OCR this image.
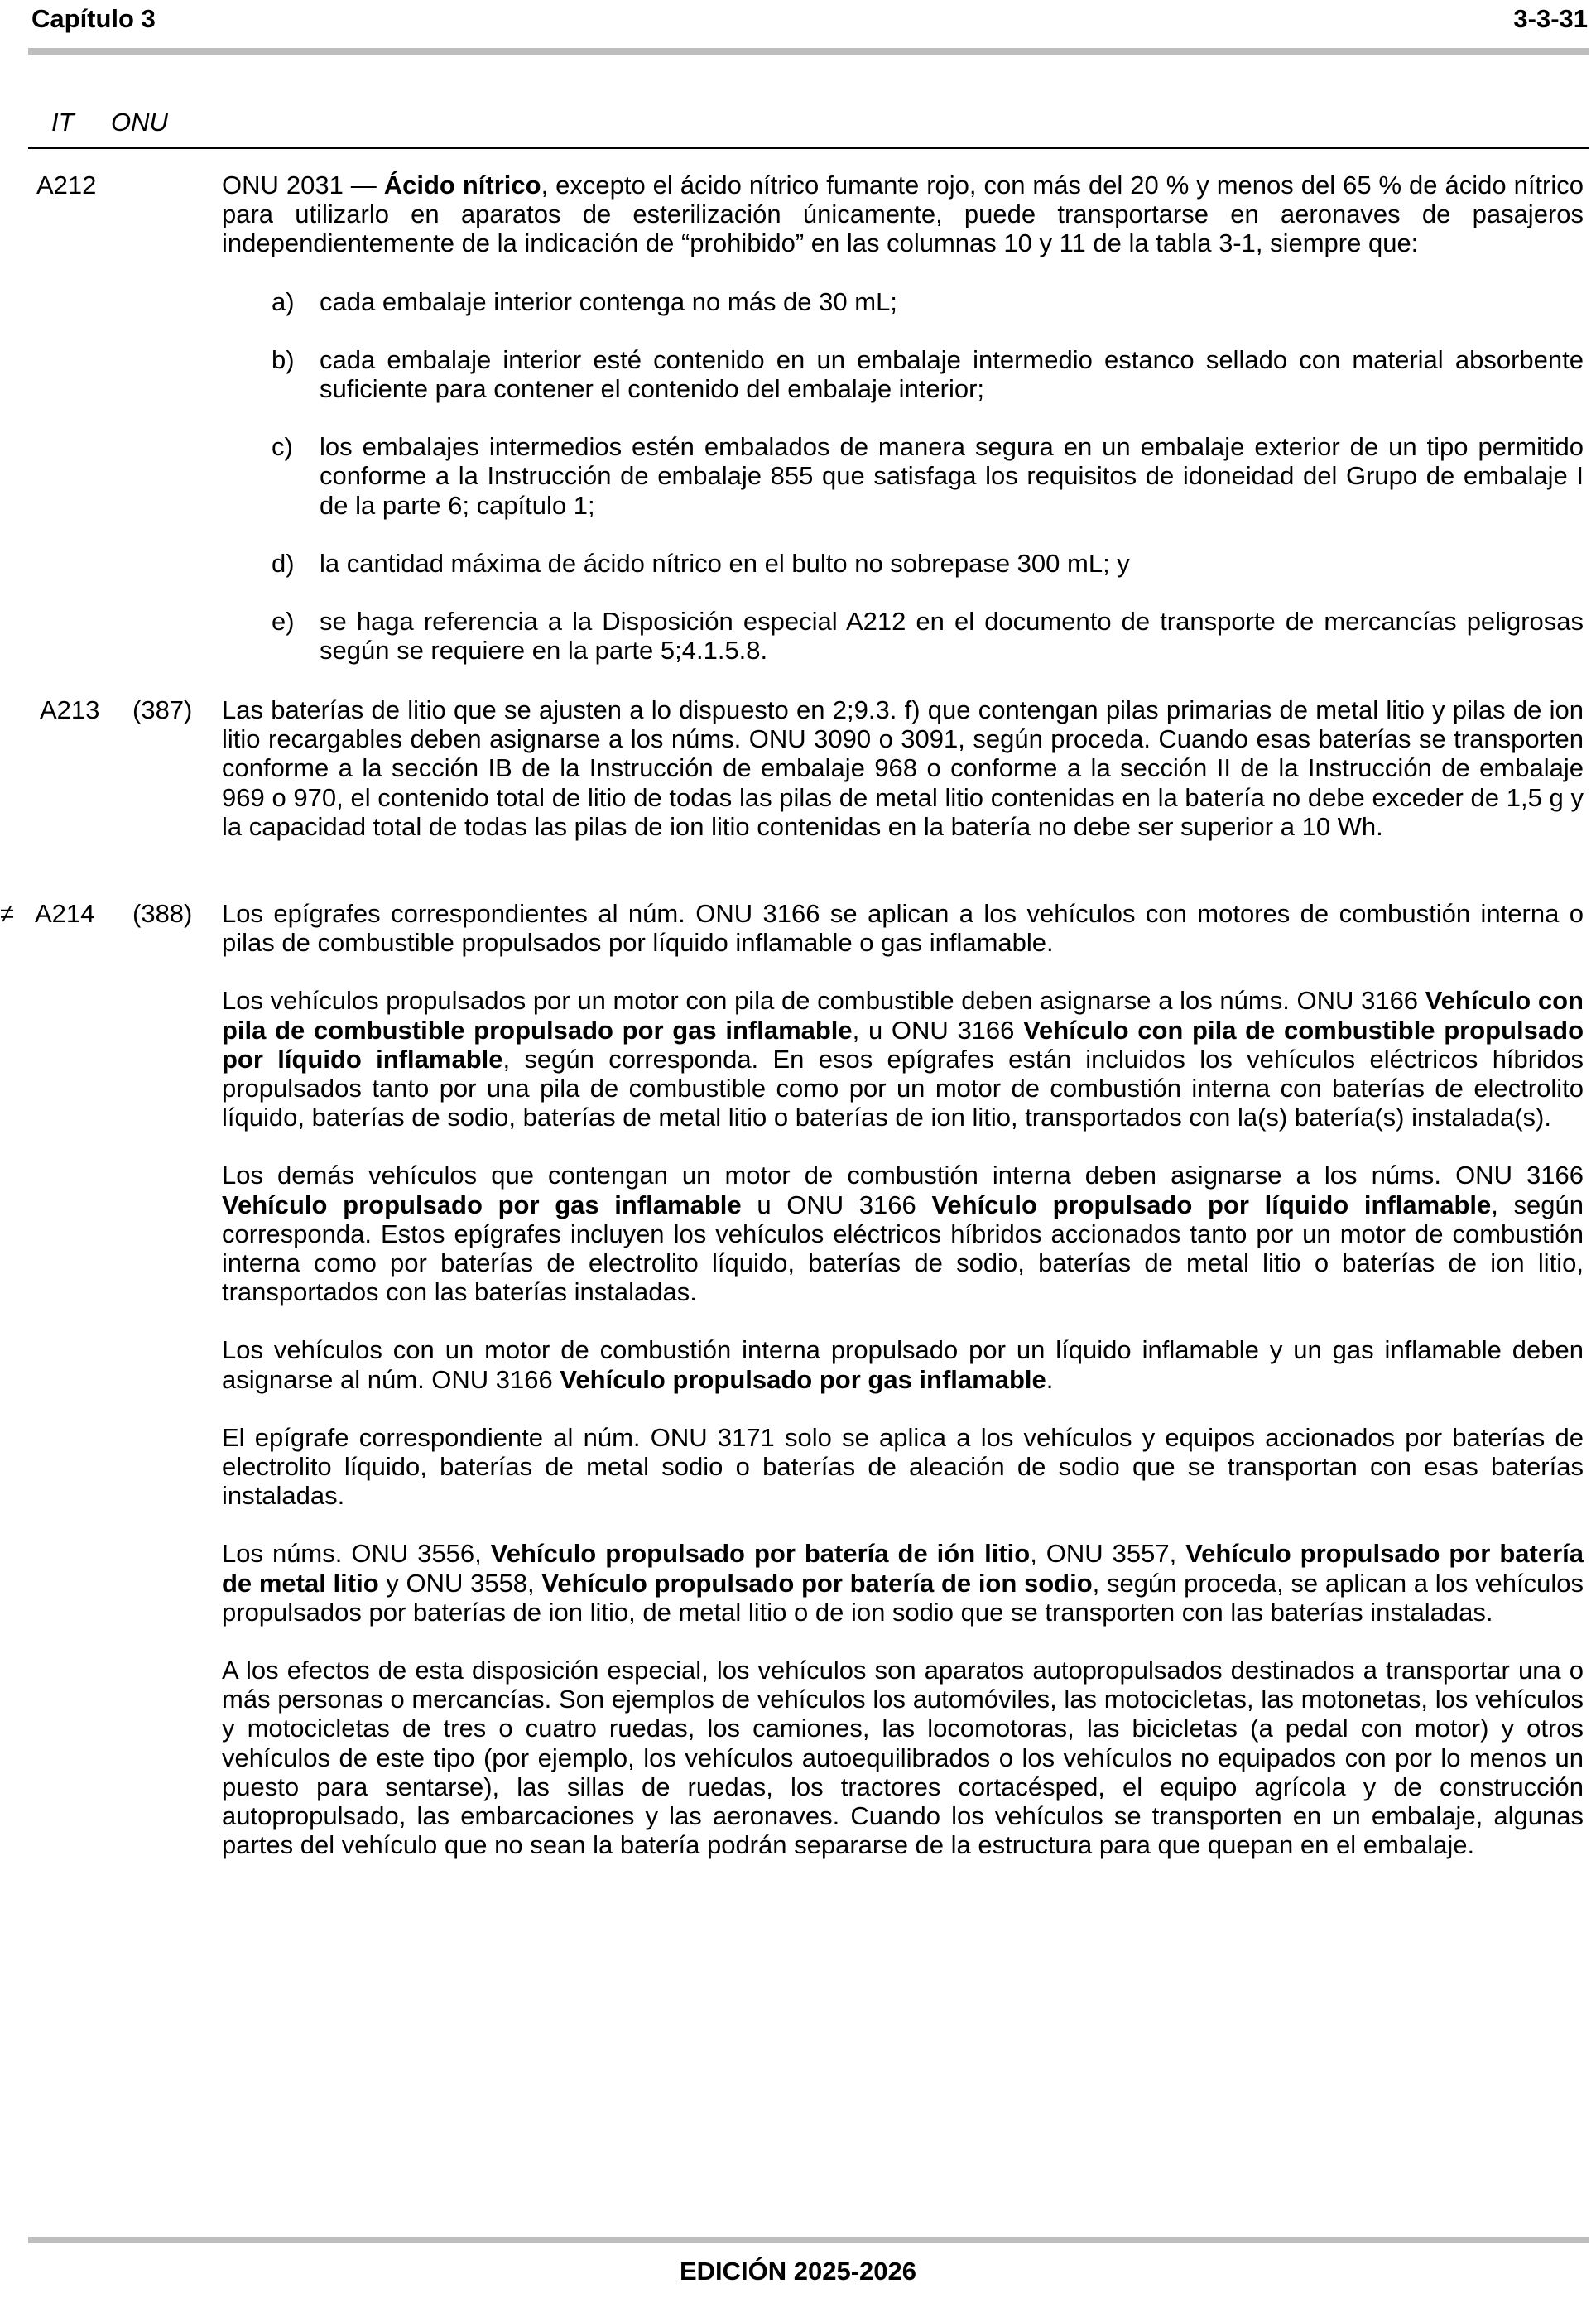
Capítulo 3	3-3-31
IT ONU
A212	ONU 2031 — Ácido nítrico, excepto el ácido nítrico fumante rojo, con más del 20 % y menos del 65 % de ácido nítrico para utilizarlo en aparatos de esterilización únicamente, puede transportarse en aeronaves de pasajeros independientemente de la indicación de “prohibido” en las columnas 10 y 11 de la tabla 3-1, siempre que:

a) cada embalaje interior contenga no más de 30 mL;
b) cada embalaje interior esté contenido en un embalaje intermedio estanco sellado con material absorbente suficiente para contener el contenido del embalaje interior;
c) los embalajes intermedios estén embalados de manera segura en un embalaje exterior de un tipo permitido conforme a la Instrucción de embalaje 855 que satisfaga los requisitos de idoneidad del Grupo de embalaje I de la parte 6; capítulo 1;
d) la cantidad máxima de ácido nítrico en el bulto no sobrepase 300 mL; y
e) se haga referencia a la Disposición especial A212 en el documento de transporte de mercancías peligrosas según se requiere en la parte 5;4.1.5.8.
A213 (387) Las baterías de litio que se ajusten a lo dispuesto en 2;9.3. f) que contengan pilas primarias de metal litio y pilas de ion litio recargables deben asignarse a los núms. ONU 3090 o 3091, según proceda. Cuando esas baterías se transporten conforme a la sección IB de la Instrucción de embalaje 968 o conforme a la sección II de la Instrucción de embalaje 969 o 970, el contenido total de litio de todas las pilas de metal litio contenidas en la batería no debe exceder de 1,5 g y la capacidad total de todas las pilas de ion litio contenidas en la batería no debe ser superior a 10 Wh.

≠ A214 (388) Los epígrafes correspondientes al núm. ONU 3166 se aplican a los vehículos con motores de combustión interna o pilas de combustible propulsados por líquido inflamable o gas inflamable.

Los vehículos propulsados por un motor con pila de combustible deben asignarse a los núms. ONU 3166 Vehículo con pila de combustible propulsado por gas inflamable, u ONU 3166 Vehículo con pila de combustible propulsado por líquido inflamable, según corresponda. En esos epígrafes están incluidos los vehículos eléctricos híbridos propulsados tanto por una pila de combustible como por un motor de combustión interna con baterías de electrolito líquido, baterías de sodio, baterías de metal litio o baterías de ion litio, transportados con la(s) batería(s) instalada(s).

Los demás vehículos que contengan un motor de combustión interna deben asignarse a los núms. ONU 3166 Vehículo propulsado por gas inflamable u ONU 3166 Vehículo propulsado por líquido inflamable, según corresponda. Estos epígrafes incluyen los vehículos eléctricos híbridos accionados tanto por un motor de combustión interna como por baterías de electrolito líquido, baterías de sodio, baterías de metal litio o baterías de ion litio, transportados con las baterías instaladas.

Los vehículos con un motor de combustión interna propulsado por un líquido inflamable y un gas inflamable deben asignarse al núm. ONU 3166 Vehículo propulsado por gas inflamable.

El epígrafe correspondiente al núm. ONU 3171 solo se aplica a los vehículos y equipos accionados por baterías de electrolito líquido, baterías de metal sodio o baterías de aleación de sodio que se transportan con esas baterías instaladas.

Los núms. ONU 3556, Vehículo propulsado por batería de ión litio, ONU 3557, Vehículo propulsado por batería de metal litio y ONU 3558, Vehículo propulsado por batería de ion sodio, según proceda, se aplican a los vehículos propulsados por baterías de ion litio, de metal litio o de ion sodio que se transporten con las baterías instaladas.

A los efectos de esta disposición especial, los vehículos son aparatos autopropulsados destinados a transportar una o más personas o mercancías. Son ejemplos de vehículos los automóviles, las motocicletas, las motonetas, los vehículos y motocicletas de tres o cuatro ruedas, los camiones, las locomotoras, las bicicletas (a pedal con motor) y otros vehículos de este tipo (por ejemplo, los vehículos autoequilibrados o los vehículos no equipados con por lo menos un puesto para sentarse), las sillas de ruedas, los tractores cortacésped, el equipo agrícola y de construcción autopropulsado, las embarcaciones y las aeronaves. Cuando los vehículos se transporten en un embalaje, algunas partes del vehículo que no sean la batería podrán separarse de la estructura para que quepan en el embalaje.

EDICIÓN 2025-2026
